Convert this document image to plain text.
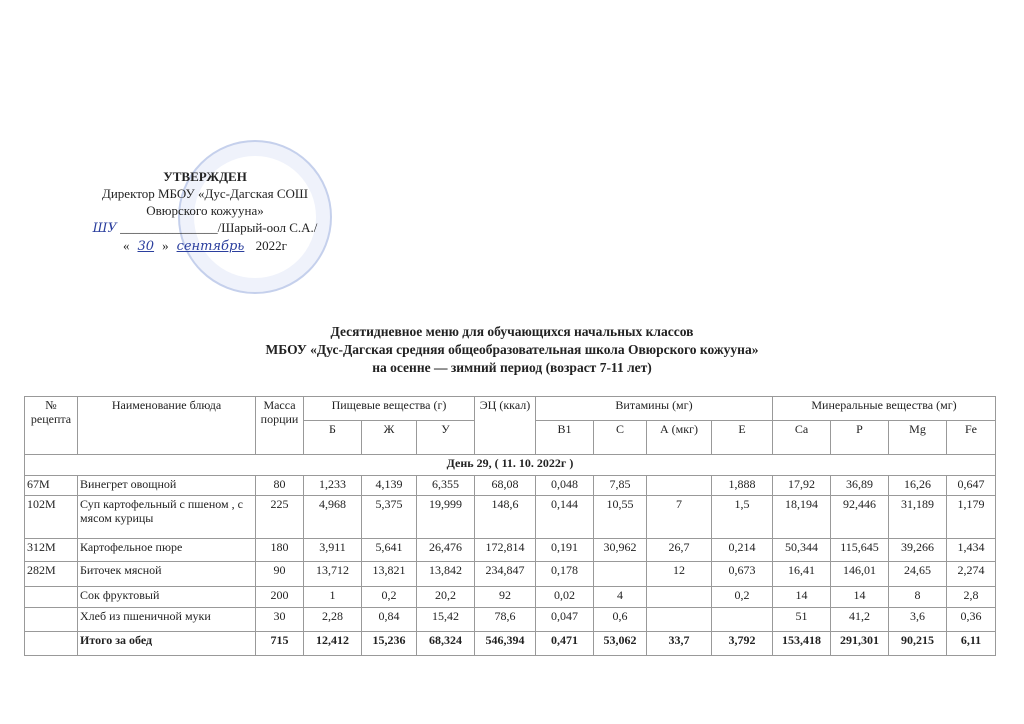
УТВЕРЖДЕН
Директор МБОУ «Дус-Дагская СОШ
Овюрского кожууна»
ШУ _______________/Шарый-оол С.А./
« 30 » сентябрь 2022г
Десятидневное меню для обучающихся начальных классов
МБОУ «Дус-Дагская средняя общеобразовательная школа Овюрского кожууна»
на осенне — зимний период (возраст 7-11 лет)
№ рецепта	Наименование блюда	Масса порции	Пищевые вещества (г)			ЭЦ (ккал)	Витамины (мг)				Минеральные вещества (мг)			
			Б	Ж	У		B1	C	А (мкг)	E	Ca	P	Mg	Fe
День 29, ( 11. 10. 2022г )														
67М	Винегрет овощной	80	1,233	4,139	6,355	68,08	0,048	7,85		1,888	17,92	36,89	16,26	0,647
102М	Суп картофельный с пшеном , с мясом курицы	225	4,968	5,375	19,999	148,6	0,144	10,55	7	1,5	18,194	92,446	31,189	1,179
312М	Картофельное пюре	180	3,911	5,641	26,476	172,814	0,191	30,962	26,7	0,214	50,344	115,645	39,266	1,434
282М	Биточек мясной	90	13,712	13,821	13,842	234,847	0,178		12	0,673	16,41	146,01	24,65	2,274
	Сок фруктовый	200	1	0,2	20,2	92	0,02	4		0,2	14	14	8	2,8
	Хлеб из пшеничной муки	30	2,28	0,84	15,42	78,6	0,047	0,6			51	41,2	3,6	0,36
	Итого за обед	715	12,412	15,236	68,324	546,394	0,471	53,062	33,7	3,792	153,418	291,301	90,215	6,11
